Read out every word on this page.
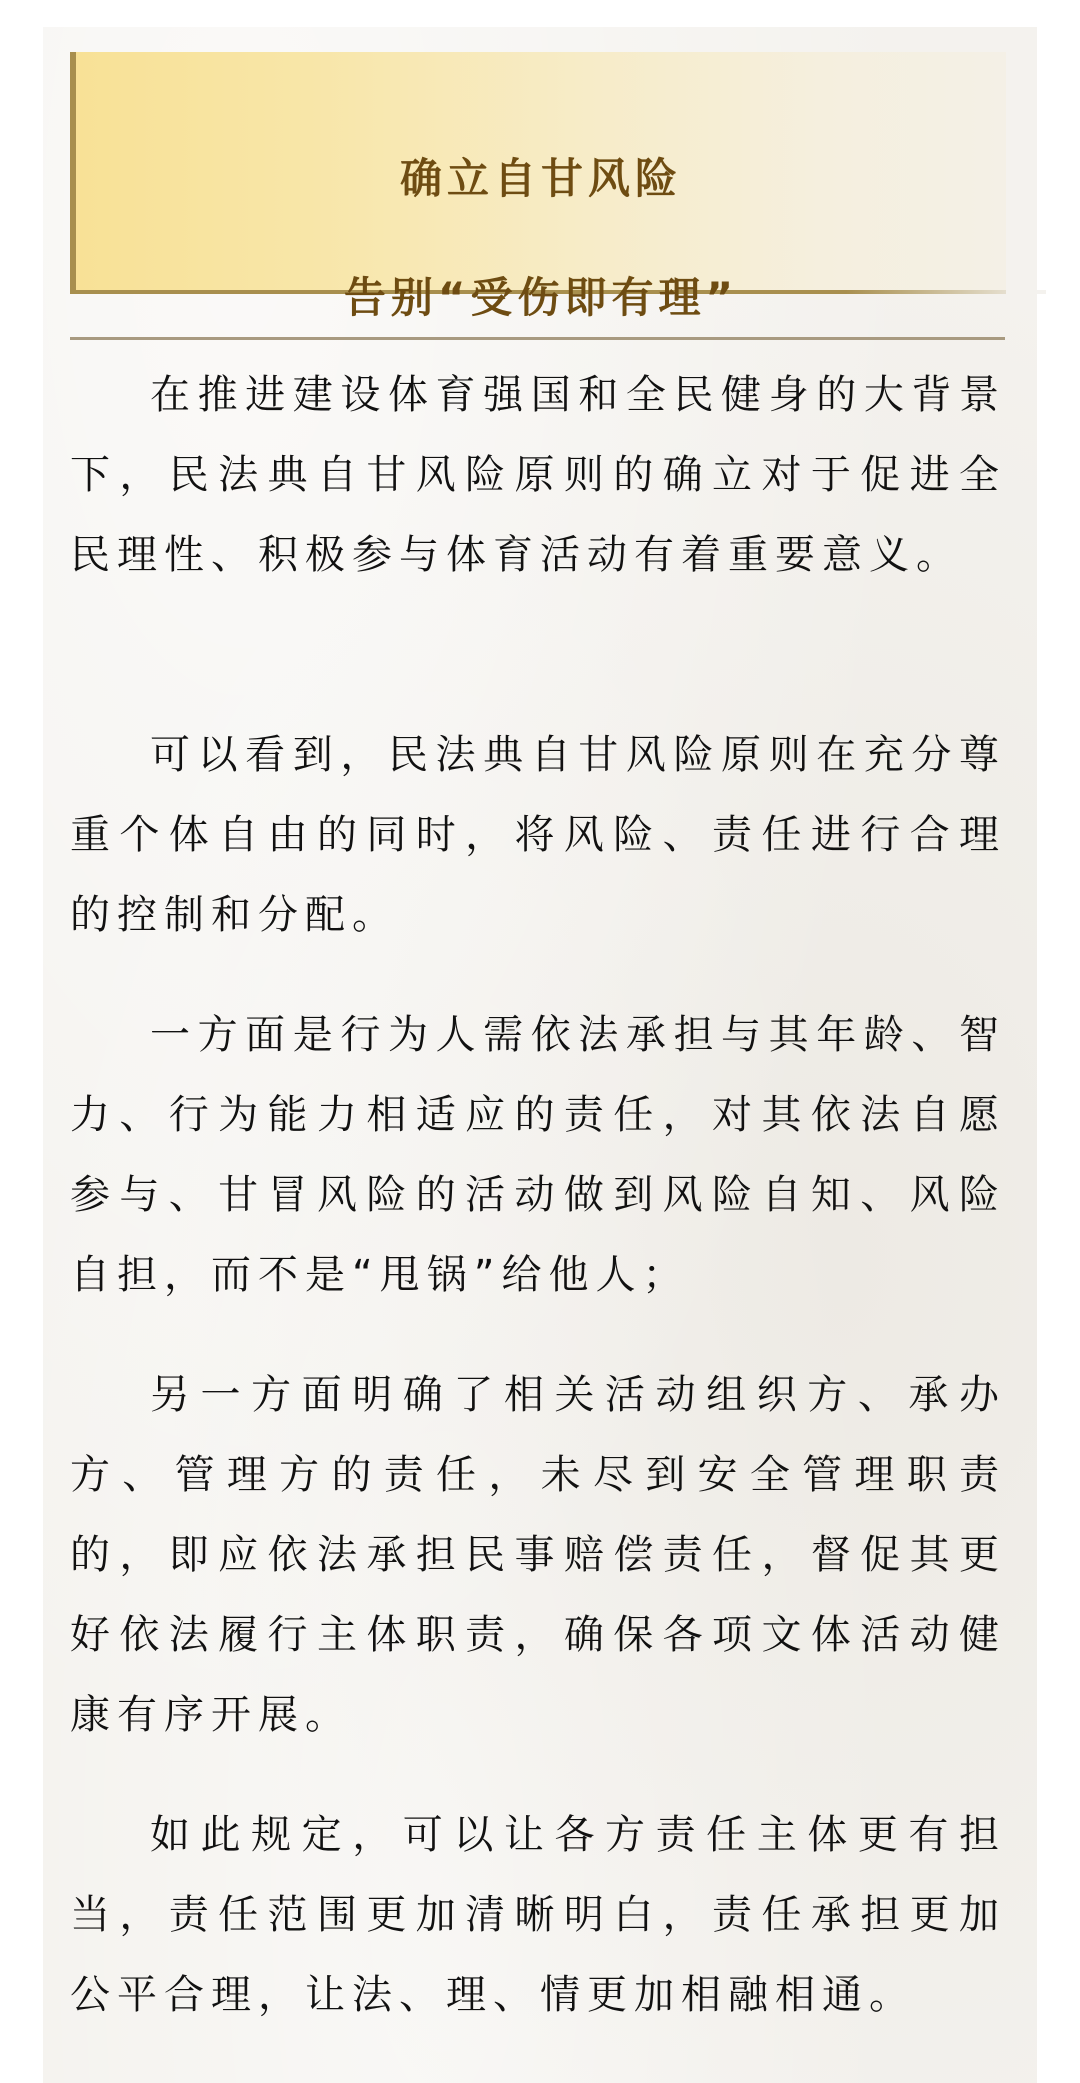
确立自甘风险
告别“受伤即有理”

在推进建设体育强国和全民健身的大背景下，民法典自甘风险原则的确立对于促进全民理性、积极参与体育活动有着重要意义。

可以看到，民法典自甘风险原则在充分尊重个体自由的同时，将风险、责任进行合理的控制和分配。

一方面是行为人需依法承担与其年龄、智力、行为能力相适应的责任，对其依法自愿参与、甘冒风险的活动做到风险自知、风险自担，而不是“甩锅”给他人；

另一方面明确了相关活动组织方、承办方、管理方的责任，未尽到安全管理职责的，即应依法承担民事赔偿责任，督促其更好依法履行主体职责，确保各项文体活动健康有序开展。

如此规定，可以让各方责任主体更有担当，责任范围更加清晰明白，责任承担更加公平合理，让法、理、情更加相融相通。
